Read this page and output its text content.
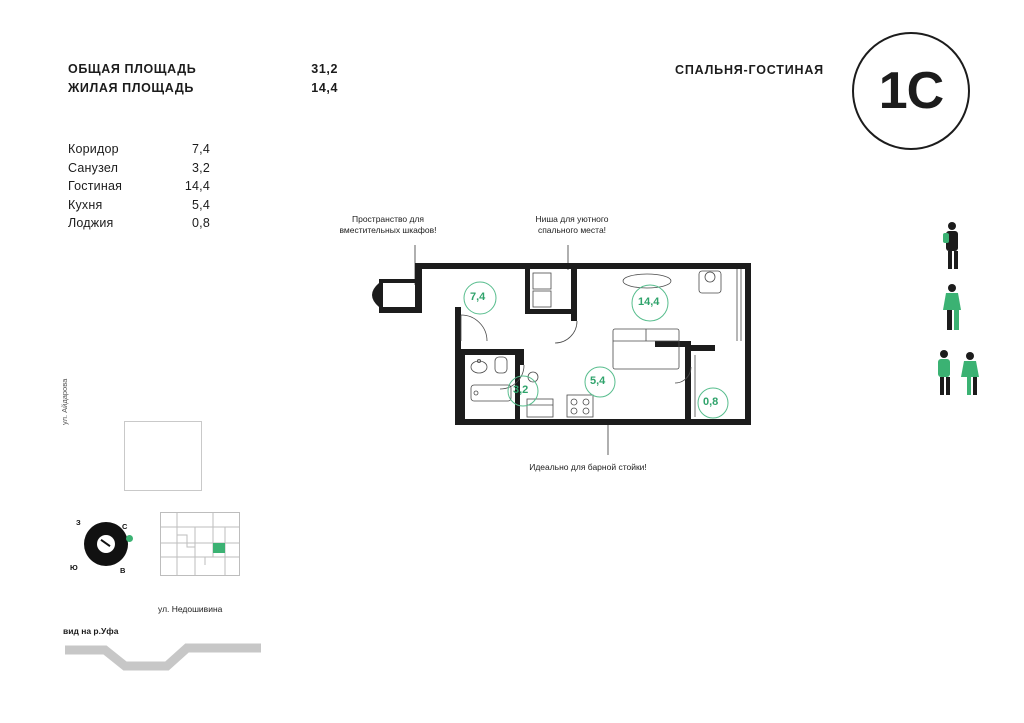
ОБЩАЯ ПЛОЩАДЬ	31,2
ЖИЛАЯ ПЛОЩАДЬ	14,4
Коридор	7,4
Санузел	3,2
Гостиная	14,4
Кухня	5,4
Лоджия	0,8
СПАЛЬНЯ-ГОСТИНАЯ 1C
Пространство для
вместительных шкафов!
Ниша для уютного
спального места!
Идеально для барной стойки!
7,4
3,2
14,4
5,4
0,8
ул. Айдарова
З	С
Ю	В
ул. Недошивина
вид на р.Уфа
